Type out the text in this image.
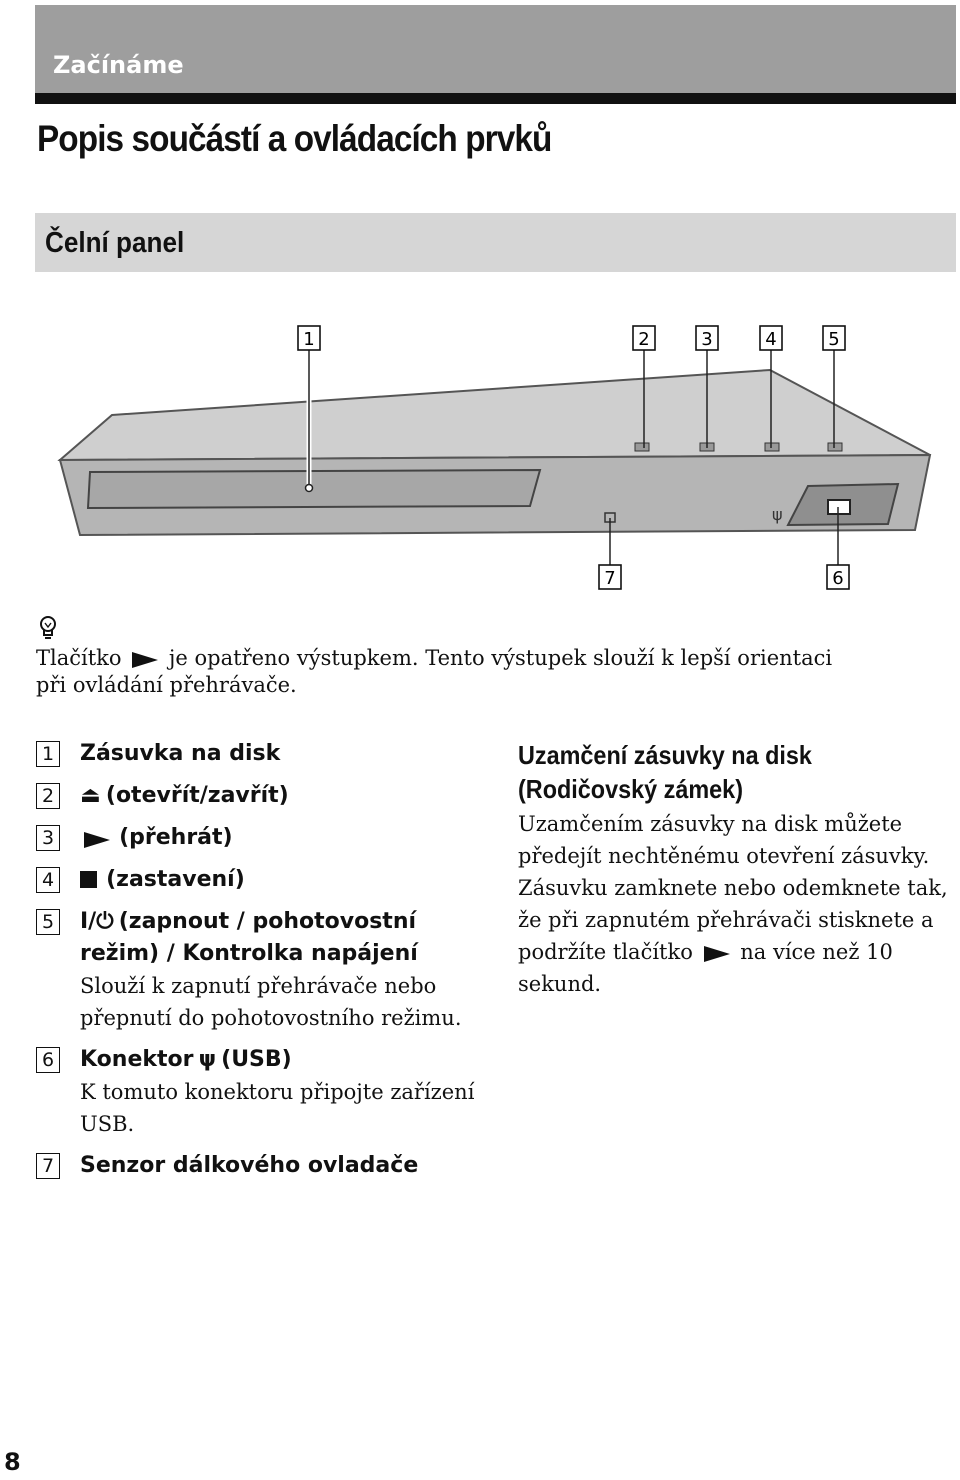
Začínáme
Popis součástí a ovládacích prvků
Čelní panel
ψ
1	2	3	4	5
7	6
Tlačítko je opatřeno výstupkem. Tento výstupek slouží k lepší orientaci při ovládání přehrávače.
1 Zásuvka na disk
2 ⏏ (otevřít/zavřít)
3	(přehrát)
4 (zastavení)
5 I/⏻ (zapnout / pohotovostní režim) / Kontrolka napájení
Slouží k zapnutí přehrávače nebo přepnutí do pohotovostního režimu.
6 Konektor ψ (USB)
K tomuto konektoru připojte zařízení USB.
7 Senzor dálkového ovladače
Uzamčení zásuvky na disk (Rodičovský zámek)
Uzamčením zásuvky na disk můžete předejít nechtěnému otevření zásuvky. Zásuvku zamknete nebo odemknete tak, že při zapnutém přehrávači stisknete a podržíte tlačítko na více než 10 sekund.
8
